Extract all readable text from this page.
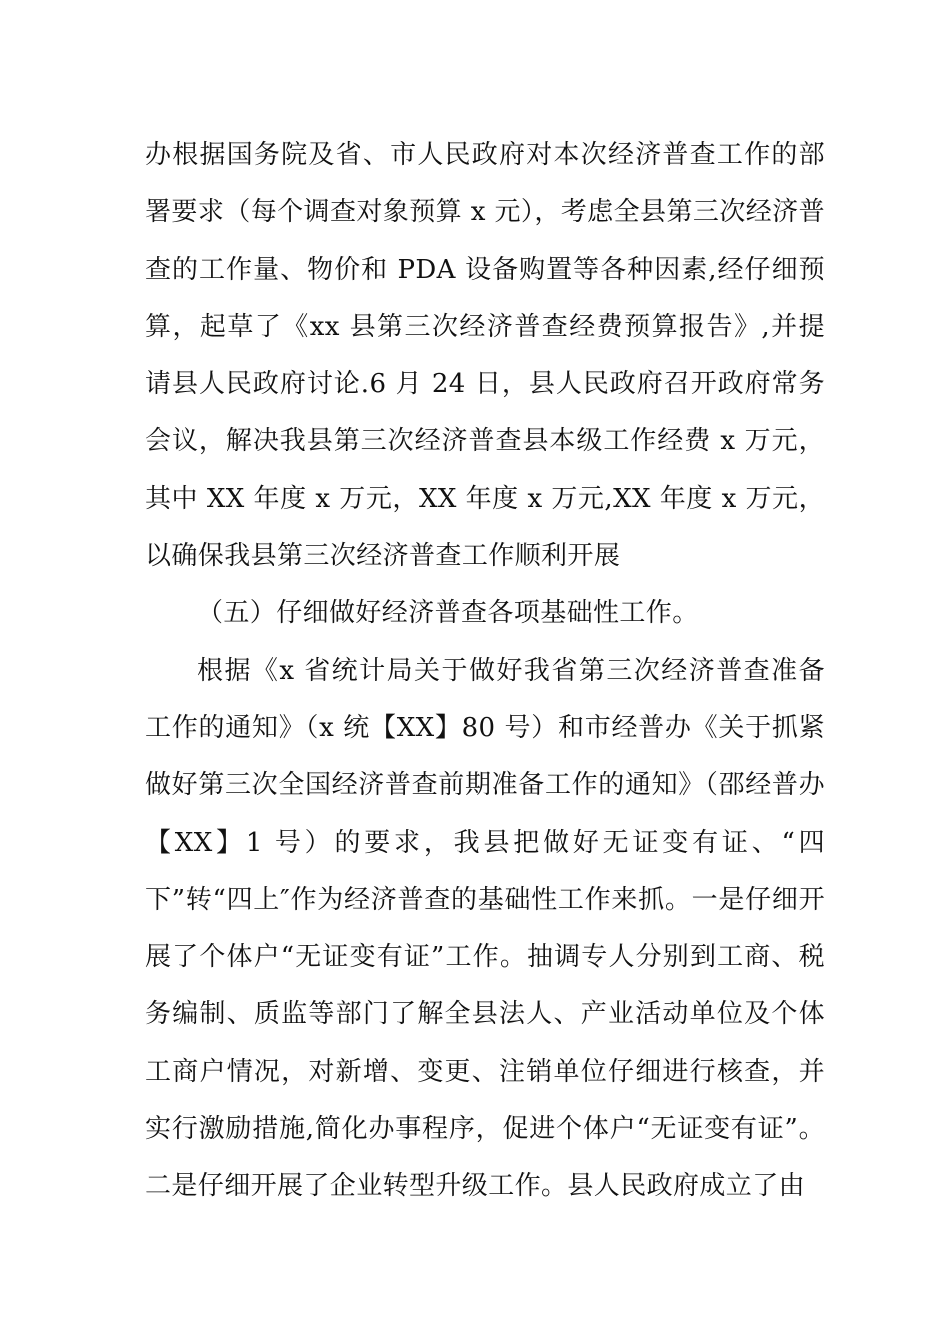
办根据国务院及省、市人民政府对本次经济普查工作的部署要求（每个调查对象预算 x 元），考虑全县第三次经济普查的工作量、物价和 PDA 设备购置等各种因素,经仔细预算，起草了《xx 县第三次经济普查经费预算报告》,并提请县人民政府讨论.6 月 24 日，县人民政府召开政府常务会议，解决我县第三次经济普查县本级工作经费 x 万元，其中 XX 年度 x 万元，XX 年度 x 万元,XX 年度 x 万元，以确保我县第三次经济普查工作顺利开展

（五）仔细做好经济普查各项基础性工作。

根据《x 省统计局关于做好我省第三次经济普查准备工作的通知》（x 统【XX】80 号）和市经普办《关于抓紧做好第三次全国经济普查前期准备工作的通知》（邵经普办【XX】1 号）的要求，我县把做好无证变有证、“四下”转“四上″作为经济普查的基础性工作来抓。一是仔细开展了个体户“无证变有证”工作。抽调专人分别到工商、税务编制、质监等部门了解全县法人、产业活动单位及个体工商户情况，对新增、变更、注销单位仔细进行核查，并实行激励措施,简化办事程序，促进个体户“无证变有证”。二是仔细开展了企业转型升级工作。县人民政府成立了由
